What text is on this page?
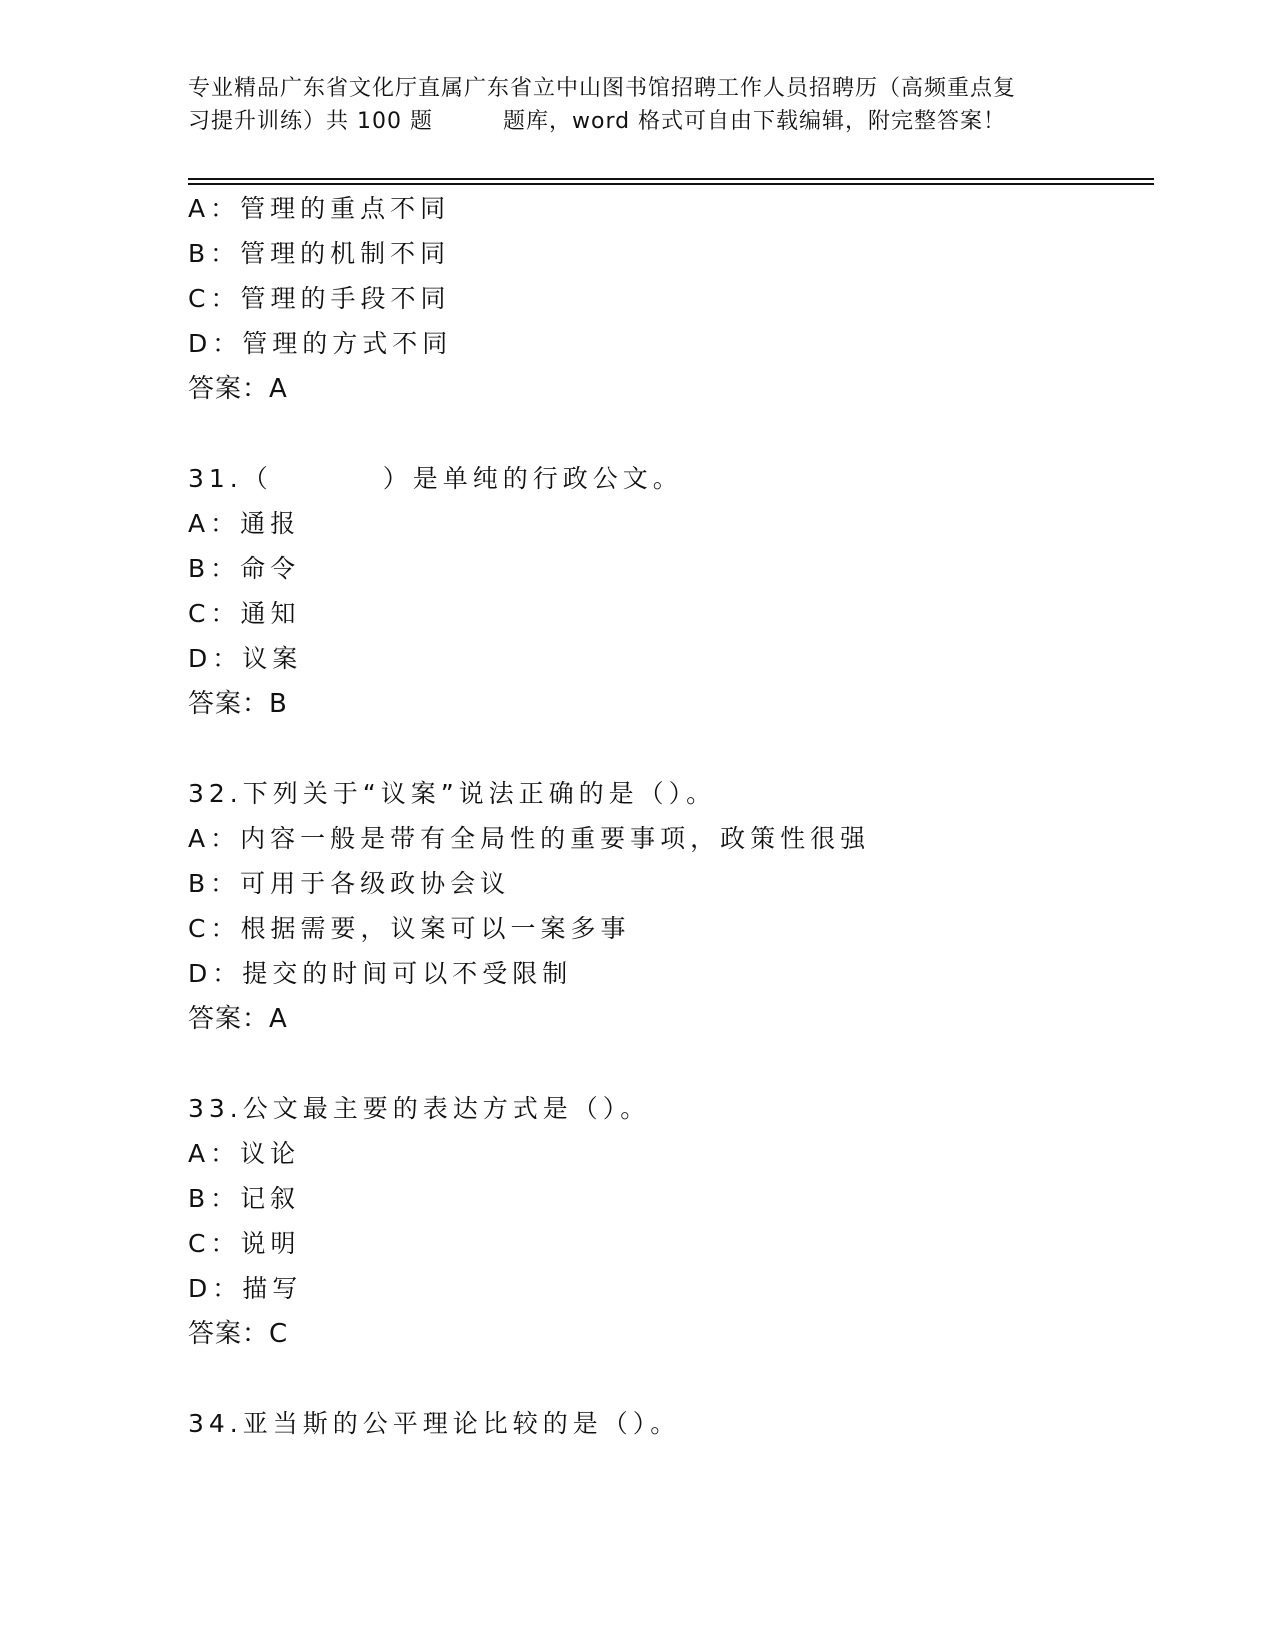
专业精品广东省文化厅直属广东省立中山图书馆招聘工作人员招聘历（高频重点复
习提升训练）共 100 题	题库，word 格式可自由下载编辑，附完整答案！
A：管理的重点不同
B：管理的机制不同
C：管理的手段不同
D：管理的方式不同
答案：A
31.（	）是单纯的行政公文。
A：通报
B：命令
C：通知
D：议案
答案：B
32.下列关于“议案”说法正确的是（）。
A：内容一般是带有全局性的重要事项，政策性很强
B：可用于各级政协会议
C：根据需要，议案可以一案多事
D：提交的时间可以不受限制
答案：A
33.公文最主要的表达方式是（）。
A：议论
B：记叙
C：说明
D：描写
答案：C
34.亚当斯的公平理论比较的是（）。
